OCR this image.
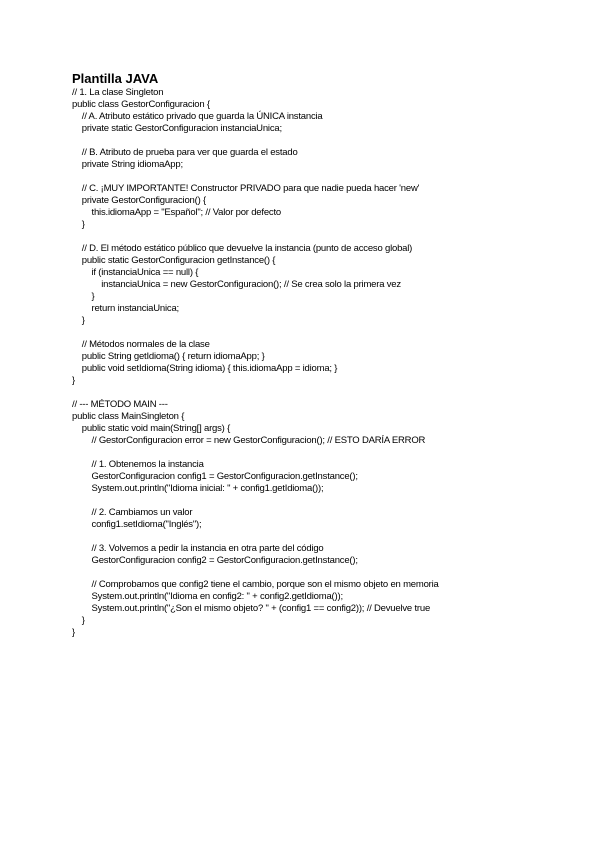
Plantilla JAVA
// 1. La clase Singleton
public class GestorConfiguracion {
// A. Atributo estático privado que guarda la ÚNICA instancia
private static GestorConfiguracion instanciaUnica;
// B. Atributo de prueba para ver que guarda el estado
private String idiomaApp;
// C. ¡MUY IMPORTANTE! Constructor PRIVADO para que nadie pueda hacer 'new'
private GestorConfiguracion() {
this.idiomaApp = "Español"; // Valor por defecto
}
// D. El método estático público que devuelve la instancia (punto de acceso global)
public static GestorConfiguracion getInstance() {
if (instanciaUnica == null) {
instanciaUnica = new GestorConfiguracion(); // Se crea solo la primera vez
}
return instanciaUnica;
}
// Métodos normales de la clase
public String getIdioma() { return idiomaApp; }
public void setIdioma(String idioma) { this.idiomaApp = idioma; }
}
// --- MÉTODO MAIN ---
public class MainSingleton {
public static void main(String[] args) {
// GestorConfiguracion error = new GestorConfiguracion(); // ESTO DARÍA ERROR
// 1. Obtenemos la instancia
GestorConfiguracion config1 = GestorConfiguracion.getInstance();
System.out.println("Idioma inicial: " + config1.getIdioma());
// 2. Cambiamos un valor
config1.setIdioma("Inglés");
// 3. Volvemos a pedir la instancia en otra parte del código
GestorConfiguracion config2 = GestorConfiguracion.getInstance();
// Comprobamos que config2 tiene el cambio, porque son el mismo objeto en memoria
System.out.println("Idioma en config2: " + config2.getIdioma());
System.out.println("¿Son el mismo objeto? " + (config1 == config2)); // Devuelve true
}
}
